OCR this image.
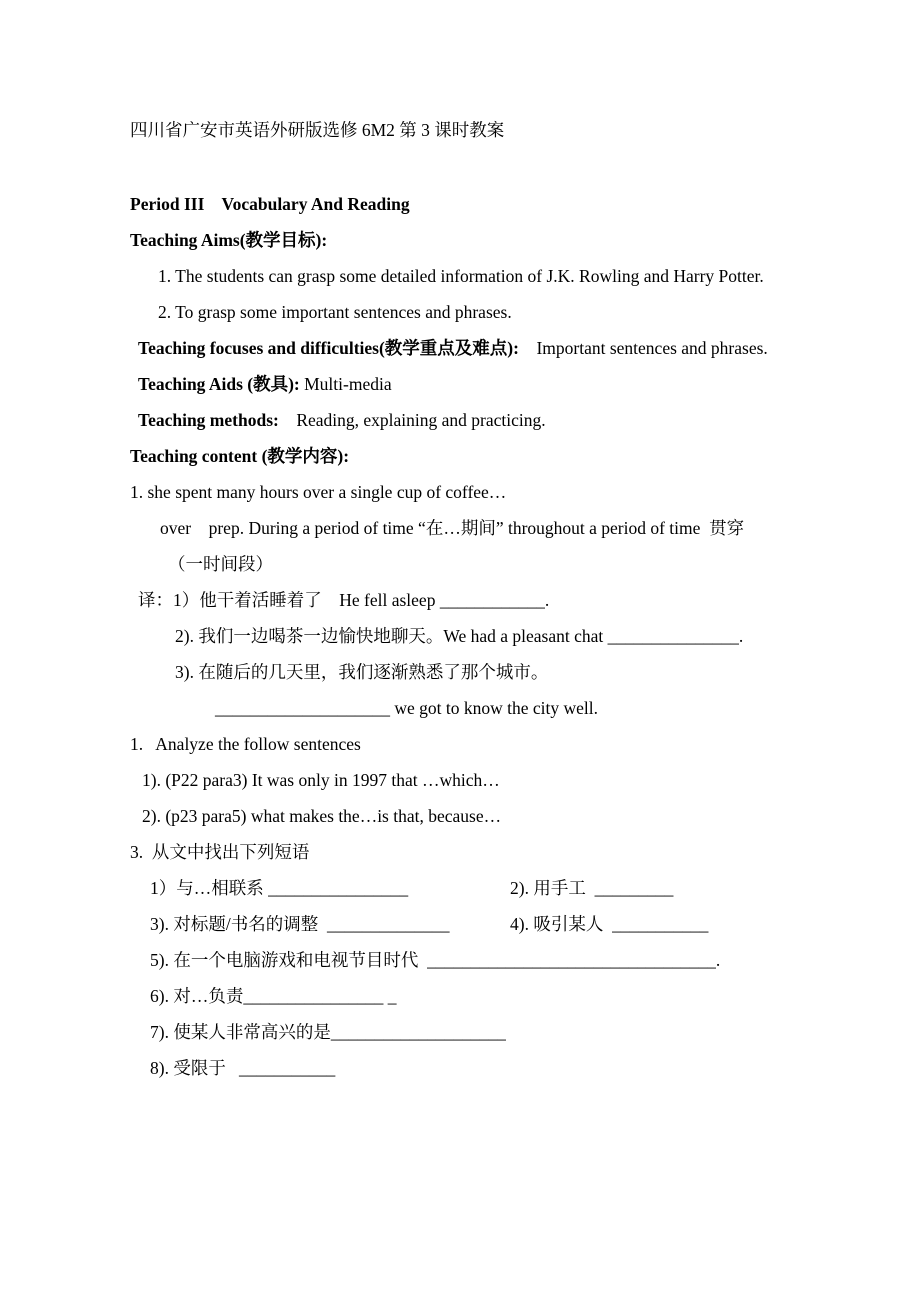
四川省广安市英语外研版选修 6M2 第 3 课时教案

Period III    Vocabulary And Reading

Teaching Aims(教学目标):

1. The students can grasp some detailed information of J.K. Rowling and Harry Potter.

2. To grasp some important sentences and phrases.

Teaching focuses and difficulties(教学重点及难点):    Important sentences and phrases.

Teaching Aids (教具): Multi-media

Teaching methods:    Reading, explaining and practicing.

Teaching content (教学内容):

1. she spent many hours over a single cup of coffee…

over    prep. During a period of time “在…期间” throughout a period of time  贯穿

（一时间段）

译：1）他干着活睡着了    He fell asleep ____________.

2). 我们一边喝茶一边愉快地聊天。We had a pleasant chat _______________.

3). 在随后的几天里，我们逐渐熟悉了那个城市。

____________________ we got to know the city well.

1.   Analyze the follow sentences

1). (P22 para3) It was only in 1997 that …which…

2). (p23 para5) what makes the…is that, because…

3.  从文中找出下列短语

1）与…相联系 ________________	2). 用手工  _________
3). 对标题/书名的调整  ______________	4). 吸引某人  ___________

5). 在一个电脑游戏和电视节目时代  _________________________________.

6). 对…负责________________ _

7). 使某人非常高兴的是____________________

8). 受限于   ___________
